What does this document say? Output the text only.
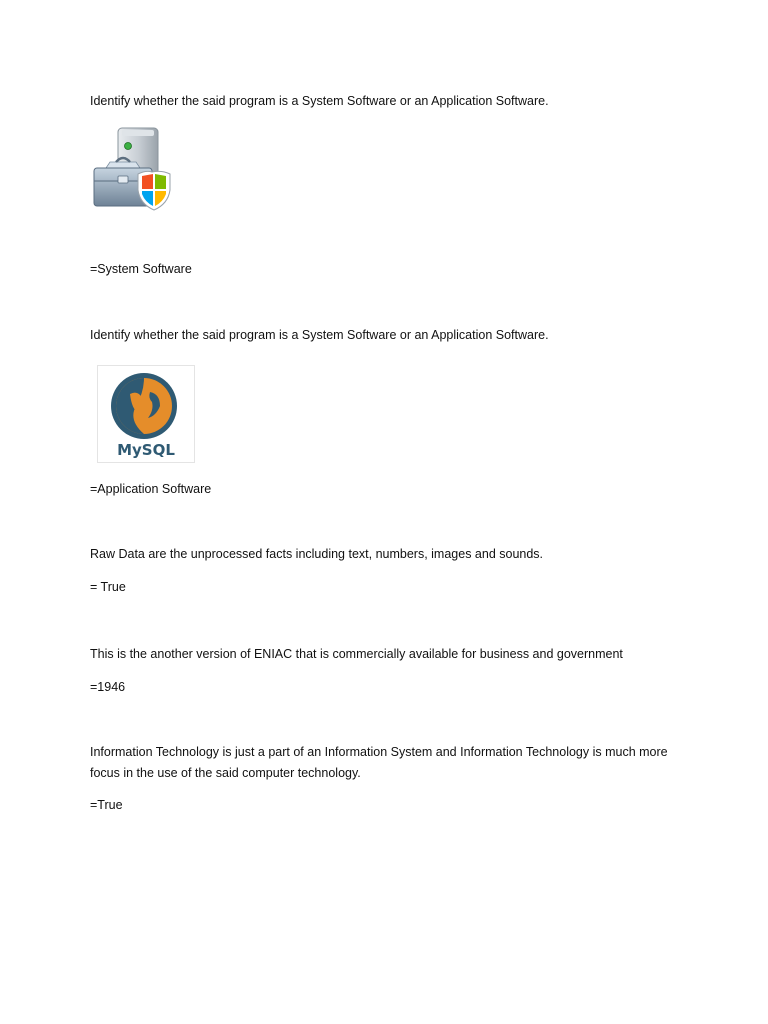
Identify whether the said program is a System Software or an Application Software.

=System Software

Identify whether the said program is a System Software or an Application Software.

MySQL

=Application Software

Raw Data are the unprocessed facts including text, numbers, images and sounds.

= True

This is the another version of ENIAC that is commercially available for business and government

=1946

Information Technology is just a part of an Information System and Information Technology is much more focus in the use of the said computer technology.

=True
